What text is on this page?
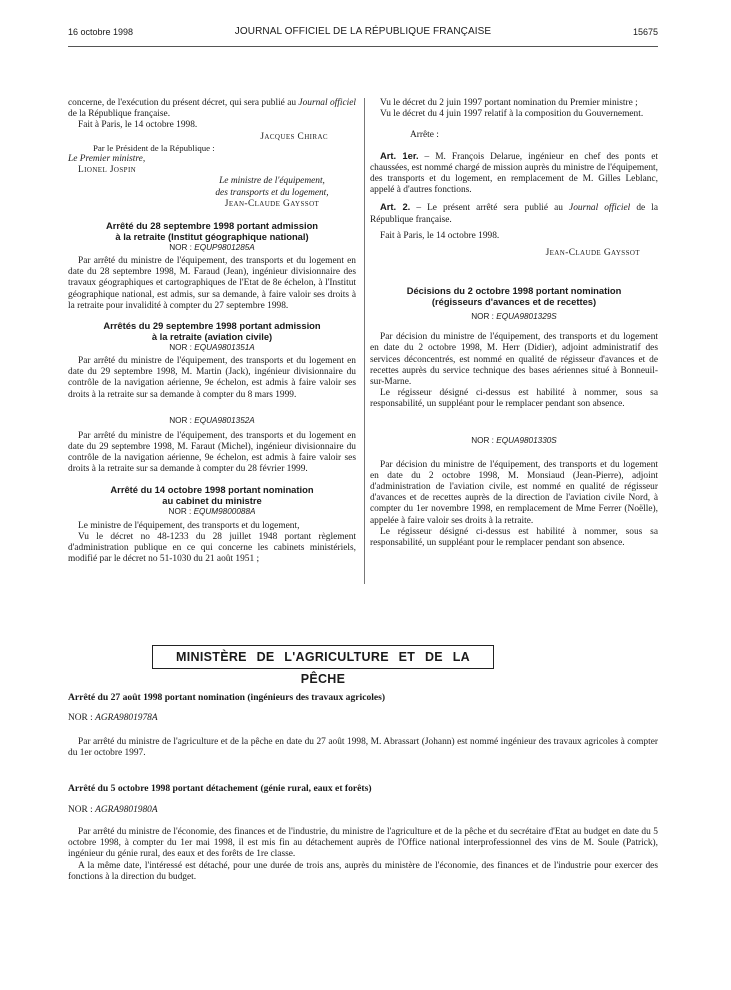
16 octobre 1998	JOURNAL OFFICIEL DE LA RÉPUBLIQUE FRANÇAISE	15675

concerne, de l'exécution du présent décret, qui sera publié au Journal officiel de la République française.

Fait à Paris, le 14 octobre 1998.

Jacques Chirac

Par le Président de la République :

Le Premier ministre,

Lionel Jospin

Le ministre de l'équipement,

des transports et du logement,

Jean-Claude Gayssot

Arrêté du 28 septembre 1998 portant admission

à la retraite (Institut géographique national)

NOR : EQUP9801285A

Par arrêté du ministre de l'équipement, des transports et du logement en date du 28 septembre 1998, M. Faraud (Jean), ingénieur divisionnaire des travaux géographiques et cartographiques de l'Etat de 8e échelon, à l'Institut géographique national, est admis, sur sa demande, à faire valoir ses droits à la retraite pour invalidité à compter du 27 septembre 1998.

Arrêtés du 29 septembre 1998 portant admission

à la retraite (aviation civile)

NOR : EQUA9801351A

Par arrêté du ministre de l'équipement, des transports et du logement en date du 29 septembre 1998, M. Martin (Jack), ingénieur divisionnaire du contrôle de la navigation aérienne, 9e échelon, est admis à faire valoir ses droits à la retraite sur sa demande à compter du 8 mars 1999.

NOR : EQUA9801352A

Par arrêté du ministre de l'équipement, des transports et du logement en date du 29 septembre 1998, M. Faraut (Michel), ingénieur divisionnaire du contrôle de la navigation aérienne, 9e échelon, est admis à faire valoir ses droits à la retraite sur sa demande à compter du 28 février 1999.

Arrêté du 14 octobre 1998 portant nomination

au cabinet du ministre

NOR : EQUM9800088A

Le ministre de l'équipement, des transports et du logement,

Vu le décret no 48-1233 du 28 juillet 1948 portant règlement d'administration publique en ce qui concerne les cabinets ministériels, modifié par le décret no 51-1030 du 21 août 1951 ;

Vu le décret du 2 juin 1997 portant nomination du Premier ministre ;

Vu le décret du 4 juin 1997 relatif à la composition du Gouvernement.

Arrête :

Art. 1er. – M. François Delarue, ingénieur en chef des ponts et chaussées, est nommé chargé de mission auprès du ministre de l'équipement, des transports et du logement, en remplacement de M. Gilles Leblanc, appelé à d'autres fonctions.

Art. 2. – Le présent arrêté sera publié au Journal officiel de la République française.

Fait à Paris, le 14 octobre 1998.

Jean-Claude Gayssot

Décisions du 2 octobre 1998 portant nomination

(régisseurs d'avances et de recettes)

NOR : EQUA9801329S

Par décision du ministre de l'équipement, des transports et du logement en date du 2 octobre 1998, M. Herr (Didier), adjoint administratif des services déconcentrés, est nommé en qualité de régisseur d'avances et de recettes auprès du service technique des bases aériennes situé à Bonneuil-sur-Marne.

Le régisseur désigné ci-dessus est habilité à nommer, sous sa responsabilité, un suppléant pour le remplacer pendant son absence.

NOR : EQUA9801330S

Par décision du ministre de l'équipement, des transports et du logement en date du 2 octobre 1998, M. Monsiaud (Jean-Pierre), adjoint d'administration de l'aviation civile, est nommé en qualité de régisseur d'avances et de recettes auprès de la direction de l'aviation civile Nord, à compter du 1er novembre 1998, en remplacement de Mme Ferrer (Noëlle), appelée à faire valoir ses droits à la retraite.

Le régisseur désigné ci-dessus est habilité à nommer, sous sa responsabilité, un suppléant pour le remplacer pendant son absence.

MINISTÈRE DE L'AGRICULTURE ET DE LA PÊCHE

Arrêté du 27 août 1998 portant nomination (ingénieurs des travaux agricoles)

NOR : AGRA9801978A

Par arrêté du ministre de l'agriculture et de la pêche en date du 27 août 1998, M. Abrassart (Johann) est nommé ingénieur des travaux agricoles à compter du 1er octobre 1997.

Arrêté du 5 octobre 1998 portant détachement (génie rural, eaux et forêts)

NOR : AGRA9801980A

Par arrêté du ministre de l'économie, des finances et de l'industrie, du ministre de l'agriculture et de la pêche et du secrétaire d'Etat au budget en date du 5 octobre 1998, à compter du 1er mai 1998, il est mis fin au détachement auprès de l'Office national interprofessionnel des vins de M. Soule (Patrick), ingénieur du génie rural, des eaux et des forêts de 1re classe.

A la même date, l'intéressé est détaché, pour une durée de trois ans, auprès du ministère de l'économie, des finances et de l'industrie pour exercer des fonctions à la direction du budget.
